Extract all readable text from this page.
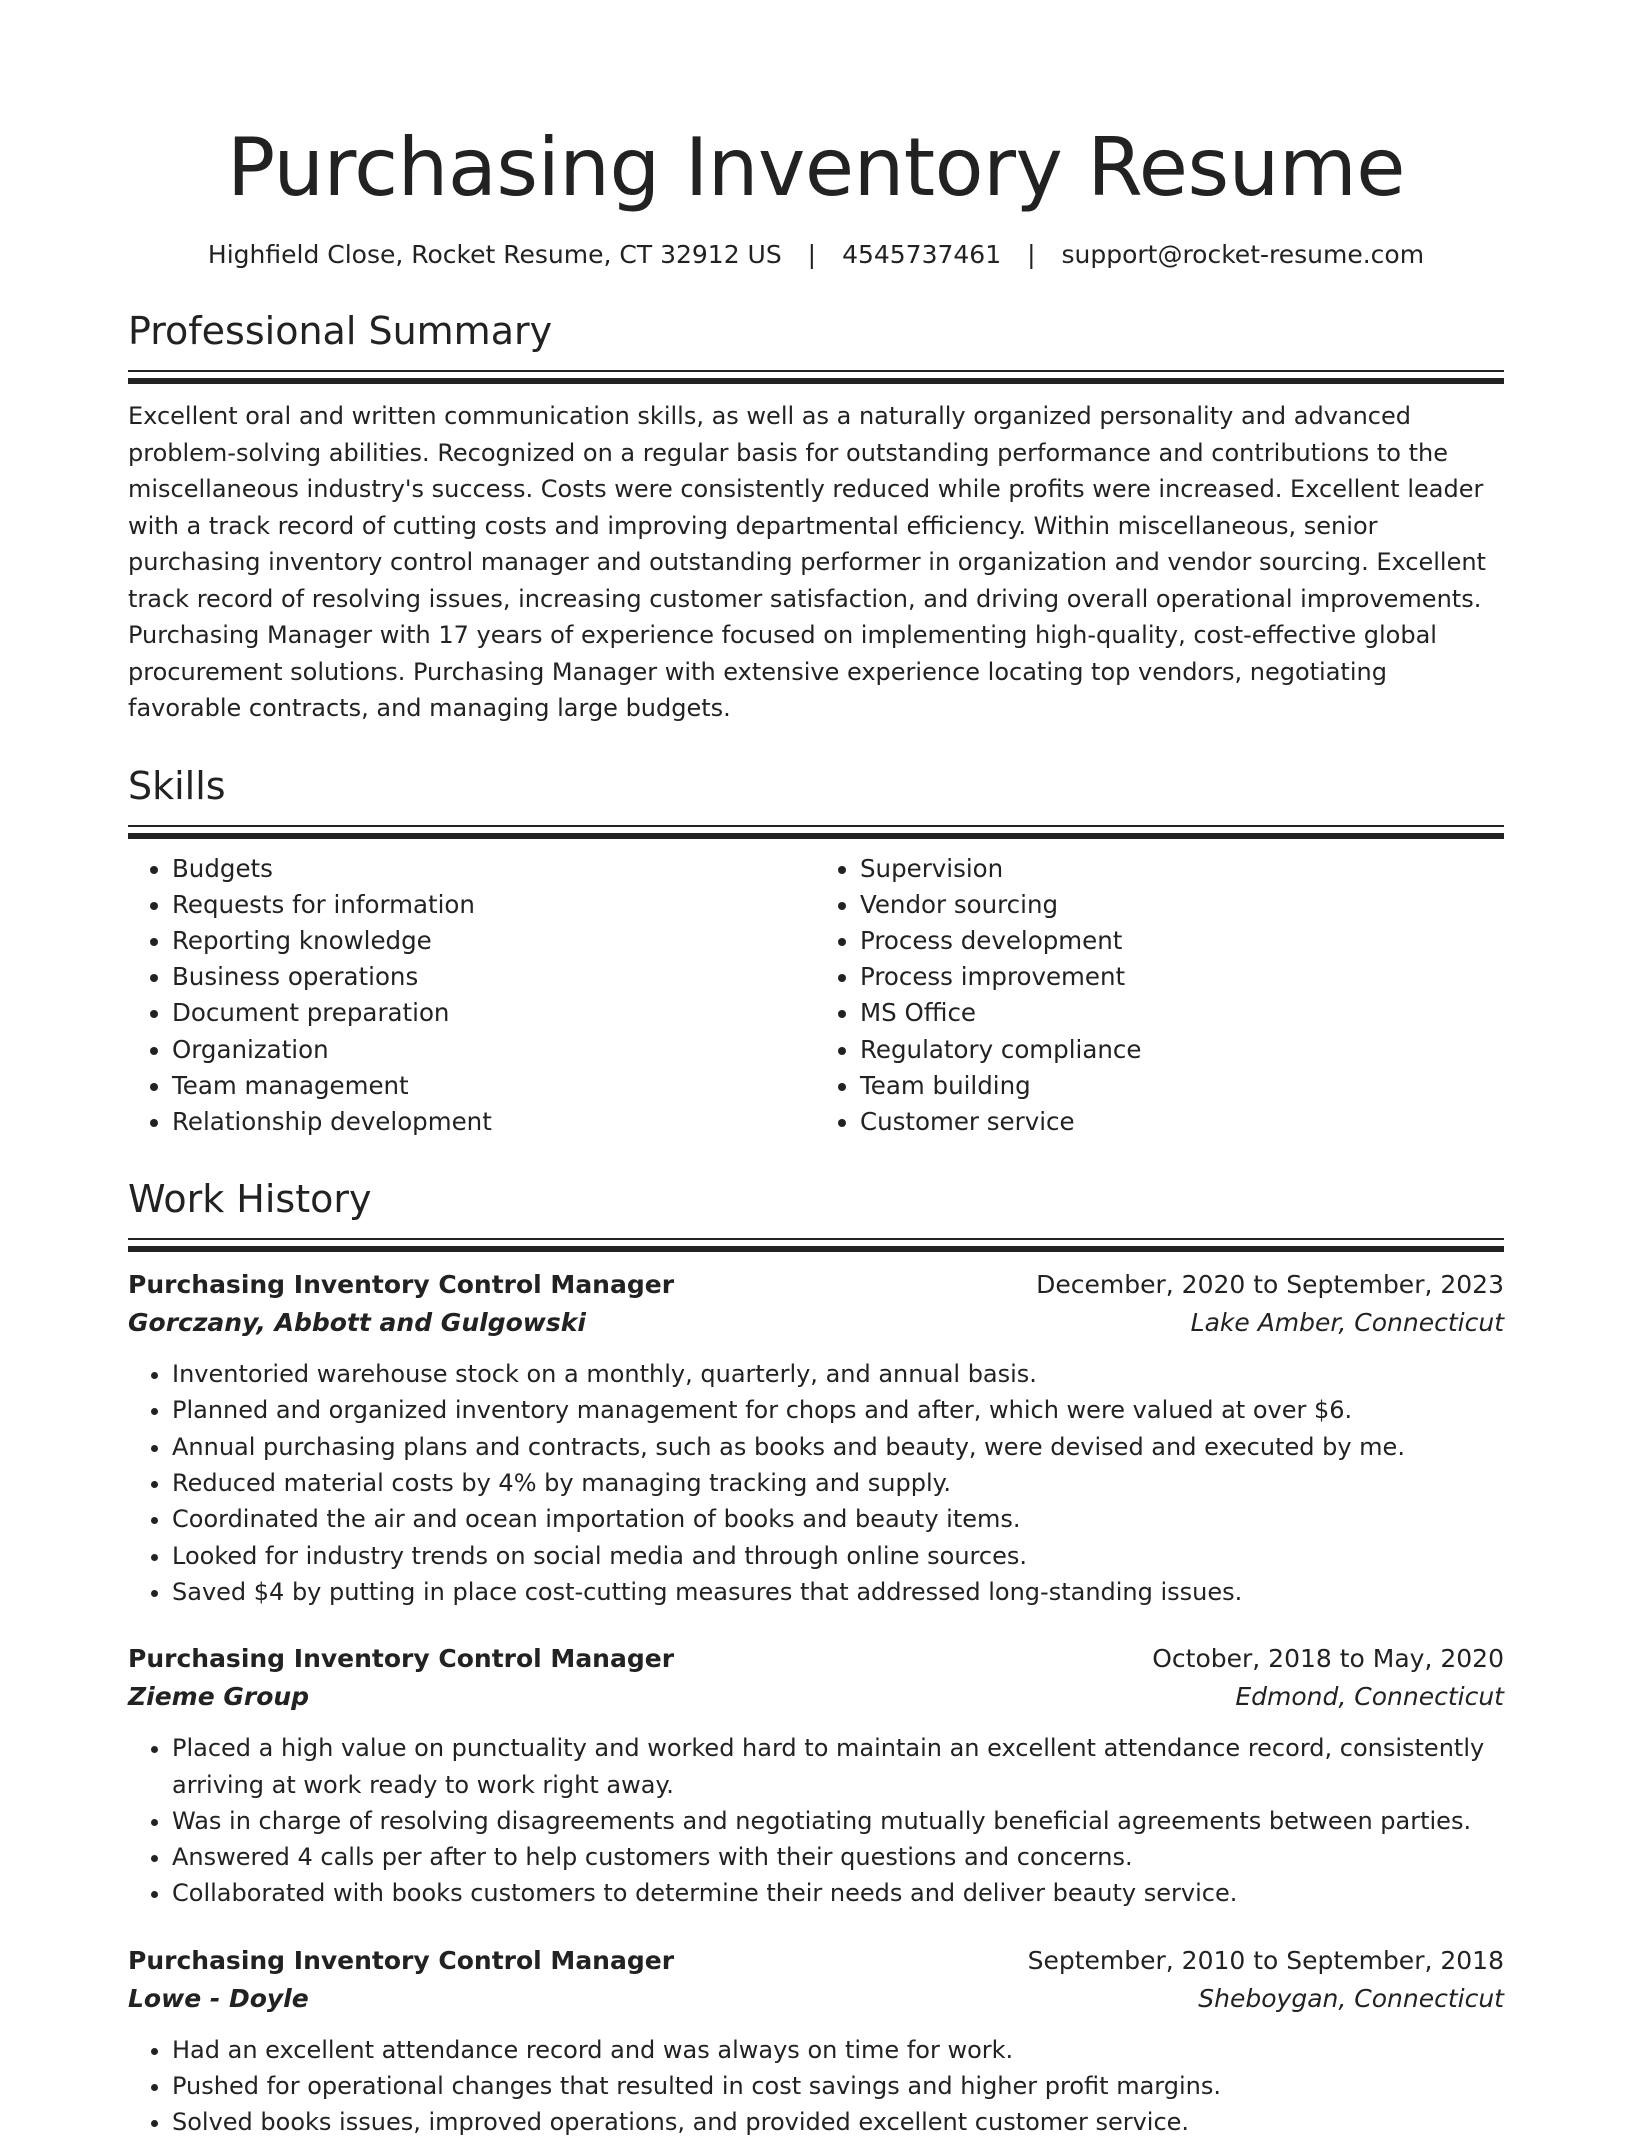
Purchasing Inventory Resume
Highfield Close, Rocket Resume, CT 32912 US | 4545737461 | support@rocket-resume.com
Professional Summary

Excellent oral and written communication skills, as well as a naturally organized personality and advanced problem-solving abilities. Recognized on a regular basis for outstanding performance and contributions to the miscellaneous industry's success. Costs were consistently reduced while profits were increased. Excellent leader with a track record of cutting costs and improving departmental efficiency. Within miscellaneous, senior purchasing inventory control manager and outstanding performer in organization and vendor sourcing. Excellent track record of resolving issues, increasing customer satisfaction, and driving overall operational improvements. Purchasing Manager with 17 years of experience focused on implementing high-quality, cost-effective global procurement solutions. Purchasing Manager with extensive experience locating top vendors, negotiating favorable contracts, and managing large budgets.

Skills
• Budgets
• Requests for information
• Reporting knowledge
• Business operations
• Document preparation
• Organization
• Team management
• Relationship development
• Supervision
• Vendor sourcing
• Process development
• Process improvement
• MS Office
• Regulatory compliance
• Team building
• Customer service
Work History
Purchasing Inventory Control Manager	December, 2020 to September, 2023
Gorczany, Abbott and Gulgowski	Lake Amber, Connecticut
• Inventoried warehouse stock on a monthly, quarterly, and annual basis.
• Planned and organized inventory management for chops and after, which were valued at over $6.
• Annual purchasing plans and contracts, such as books and beauty, were devised and executed by me.
• Reduced material costs by 4% by managing tracking and supply.
• Coordinated the air and ocean importation of books and beauty items.
• Looked for industry trends on social media and through online sources.
• Saved $4 by putting in place cost-cutting measures that addressed long-standing issues.
Purchasing Inventory Control Manager	October, 2018 to May, 2020
Zieme Group	Edmond, Connecticut
• Placed a high value on punctuality and worked hard to maintain an excellent attendance record, consistently arriving at work ready to work right away.
• Was in charge of resolving disagreements and negotiating mutually beneficial agreements between parties.
• Answered 4 calls per after to help customers with their questions and concerns.
• Collaborated with books customers to determine their needs and deliver beauty service.
Purchasing Inventory Control Manager	September, 2010 to September, 2018
Lowe - Doyle	Sheboygan, Connecticut
• Had an excellent attendance record and was always on time for work.
• Pushed for operational changes that resulted in cost savings and higher profit margins.
• Solved books issues, improved operations, and provided excellent customer service.
